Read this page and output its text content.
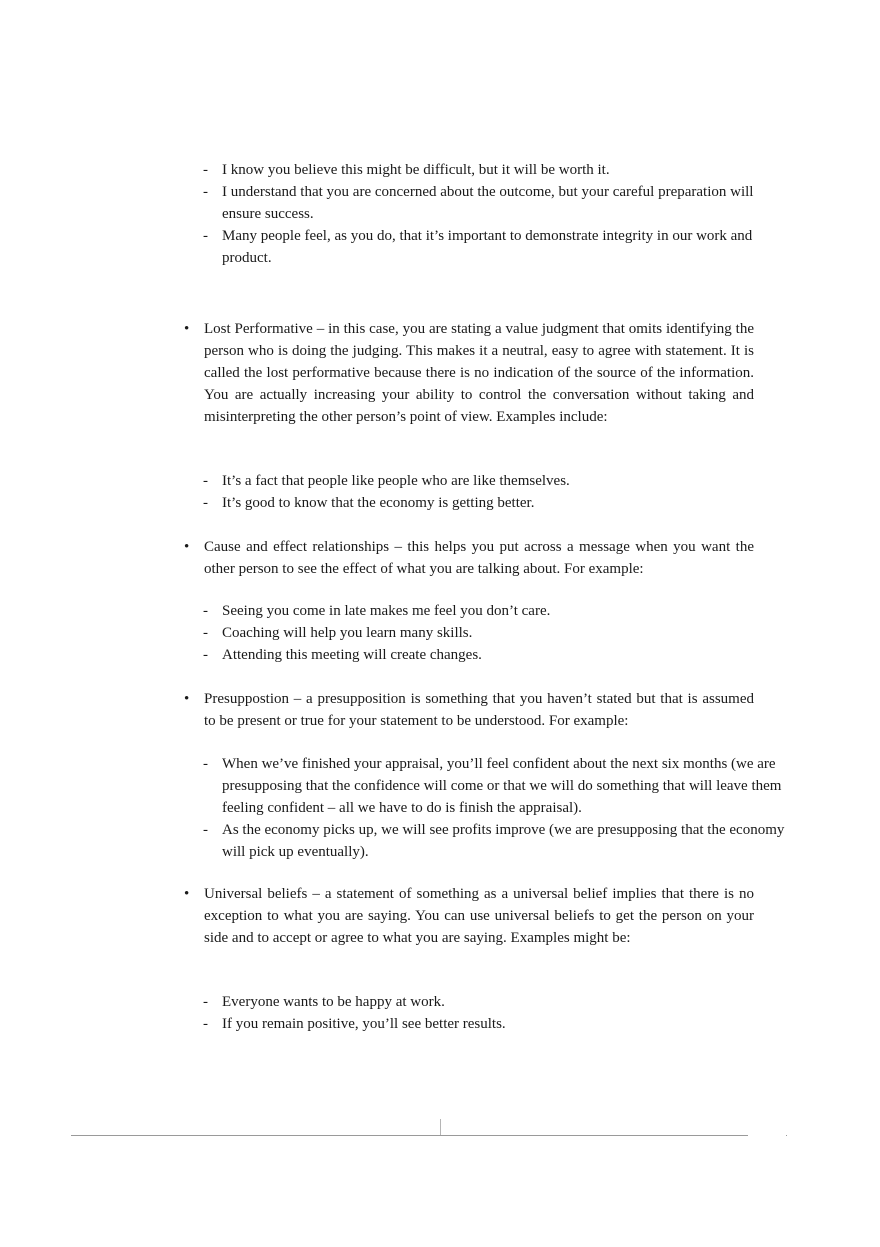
- I know you believe this might be difficult, but it will be worth it.
- I understand that you are concerned about the outcome, but your careful preparation will ensure success.
- Many people feel, as you do, that it’s important to demonstrate integrity in our work and product.

• Lost Performative – in this case, you are stating a value judgment that omits identifying the person who is doing the judging. This makes it a neutral, easy to agree with statement. It is called the lost performative because there is no indication of the source of the information. You are actually increasing your ability to control the conversation without taking and misinterpreting the other person’s point of view. Examples include:

- It’s a fact that people like people who are like themselves.
- It’s good to know that the economy is getting better.

• Cause and effect relationships – this helps you put across a message when you want the other person to see the effect of what you are talking about. For example:

- Seeing you come in late makes me feel you don’t care.
- Coaching will help you learn many skills.
- Attending this meeting will create changes.

• Presuppostion – a presupposition is something that you haven’t stated but that is assumed to be present or true for your statement to be understood. For example:

- When we’ve finished your appraisal, you’ll feel confident about the next six months (we are presupposing that the confidence will come or that we will do something that will leave them feeling confident – all we have to do is finish the appraisal).
- As the economy picks up, we will see profits improve (we are presupposing that the economy will pick up eventually).

• Universal beliefs – a statement of something as a universal belief implies that there is no exception to what you are saying. You can use universal beliefs to get the person on your side and to accept or agree to what you are saying. Examples might be:

- Everyone wants to be happy at work.
- If you remain positive, you’ll see better results.
